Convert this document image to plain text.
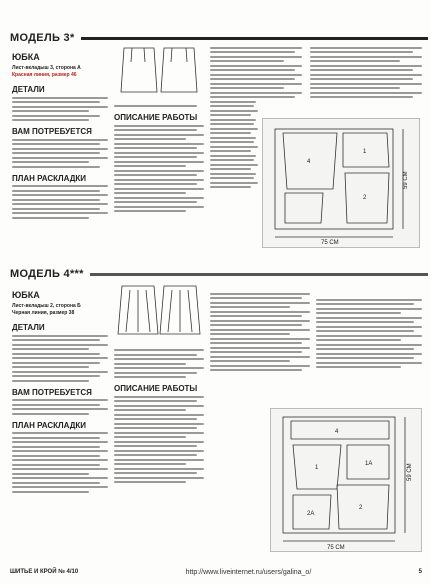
МОДЕЛЬ 3*
ЮБКА
Лист-вкладыш 3, сторона А
Красная линия, размер 46
ДЕТАЛИ
ВАМ ПОТРЕБУЕТСЯ
ПЛАН РАСКЛАДКИ
ОПИСАНИЕ РАБОТЫ
4
1
2
75 СМ
59 СМ
МОДЕЛЬ 4***
ЮБКА
Лист-вкладыш 2, сторона Б
Черная линия, размер 38
ДЕТАЛИ
ВАМ ПОТРЕБУЕТСЯ
ПЛАН РАСКЛАДКИ
ОПИСАНИЕ РАБОТЫ
4
1
1А
2А
2
75 СМ
59 СМ
ШИТЬЕ И КРОЙ № 4/10	http://www.liveinternet.ru/users/galina_o/	5
